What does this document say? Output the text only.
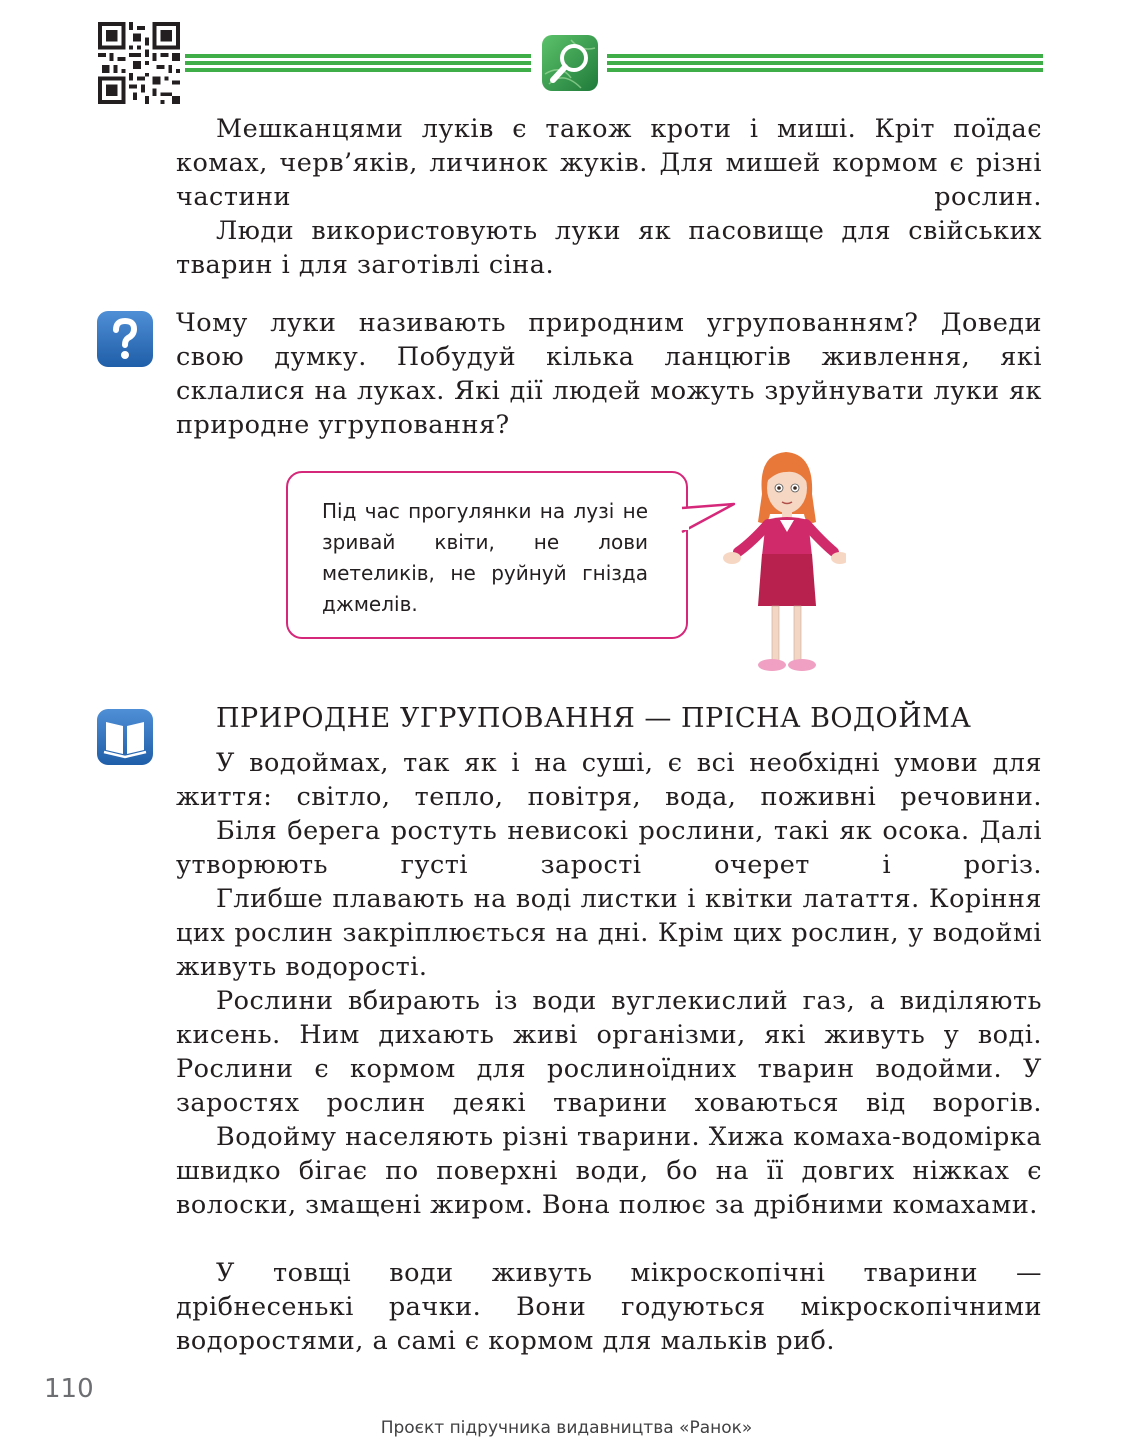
Мешканцями луків є також кроти і миші. Кріт поїдає комах, черв’яків, личинок жуків. Для мишей кормом є різні частини рослин.

Люди використовують луки як пасовище для свійських тварин і для заготівлі сіна.

Чому луки називають природним угрупованням? Доведи свою думку. Побудуй кілька ланцюгів живлення, які склалися на луках. Які дії людей можуть зруйнувати луки як природне угруповання?

Під час прогулянки на лузі не зривай квіти, не лови метеликів, не руйнуй гнізда джмелів.

ПРИРОДНЕ УГРУПОВАННЯ — ПРІСНА ВОДОЙМА

У водоймах, так як і на суші, є всі необхідні умови для життя: світло, тепло, повітря, вода, поживні речовини.

Біля берега ростуть невисокі рослини, такі як осока. Далі утворюють густі зарості очерет і рогіз.

Глибше плавають на воді листки і квітки латаття. Коріння цих рослин закріплюється на дні. Крім цих рослин, у водоймі живуть водорості.

Рослини вбирають із води вуглекислий газ, а виділяють кисень. Ним дихають живі організми, які живуть у воді. Рослини є кормом для рослиноїдних тварин водойми. У заростях рослин деякі тварини ховаються від ворогів.

Водойму населяють різні тварини. Хижа комаха-водомірка швидко бігає по поверхні води, бо на її довгих ніжках є волоски, змащені жиром. Вона полює за дрібними комахами.

У товщі води живуть мікроскопічні тварини — дрібнесенькі рачки. Вони годуються мікроскопічними водоростями, а самі є кормом для мальків риб.

110
Проєкт підручника видавництва «Ранок»
